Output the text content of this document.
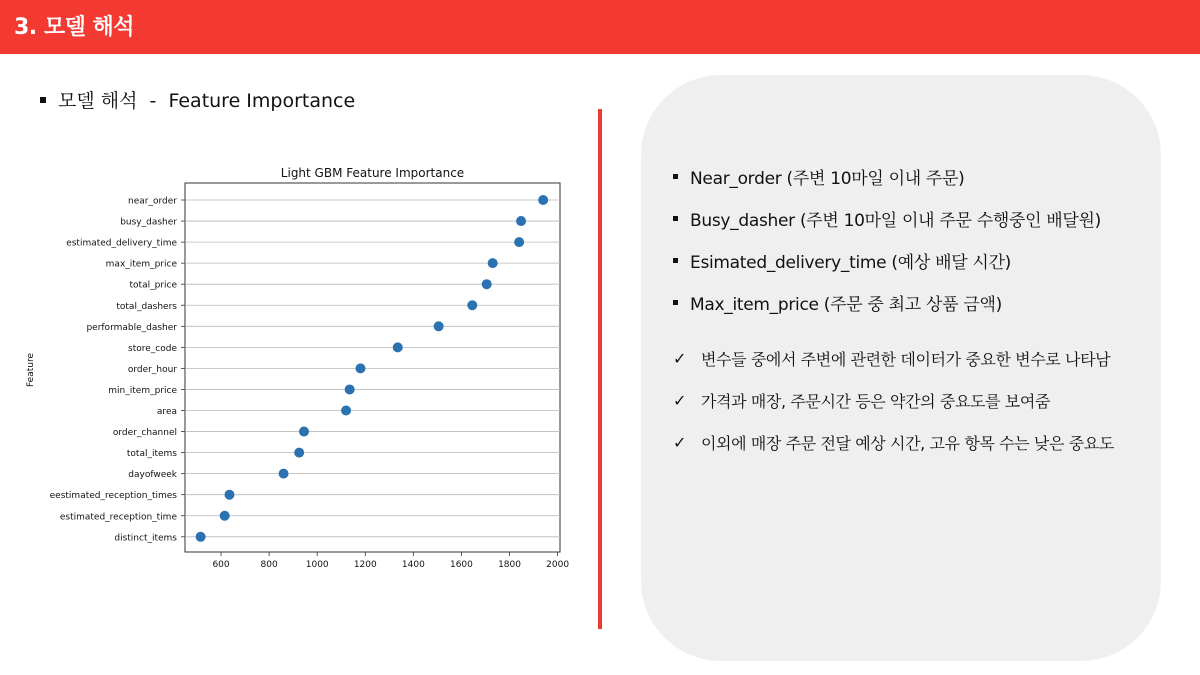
3. 모델 해석
모델 해석  -  Feature Importance
Light GBM Feature Importance
Feature
near_order
busy_dasher
estimated_delivery_time
max_item_price
total_price
total_dashers
performable_dasher
store_code
order_hour
min_item_price
area
order_channel
total_items
dayofweek
eestimated_reception_times
estimated_reception_time
distinct_items
600	800	1000	1200	1400	1600	1800	2000
Near_order (주변 10마일 이내 주문)
Busy_dasher (주변 10마일 이내 주문 수행중인 배달원)
Esimated_delivery_time (예상 배달 시간)
Max_item_price (주문 중 최고 상품 금액)
✓ 변수들 중에서 주변에 관련한 데이터가 중요한 변수로 나타남
✓ 가격과 매장, 주문시간 등은 약간의 중요도를 보여줌
✓ 이외에 매장 주문 전달 예상 시간, 고유 항목 수는 낮은 중요도
